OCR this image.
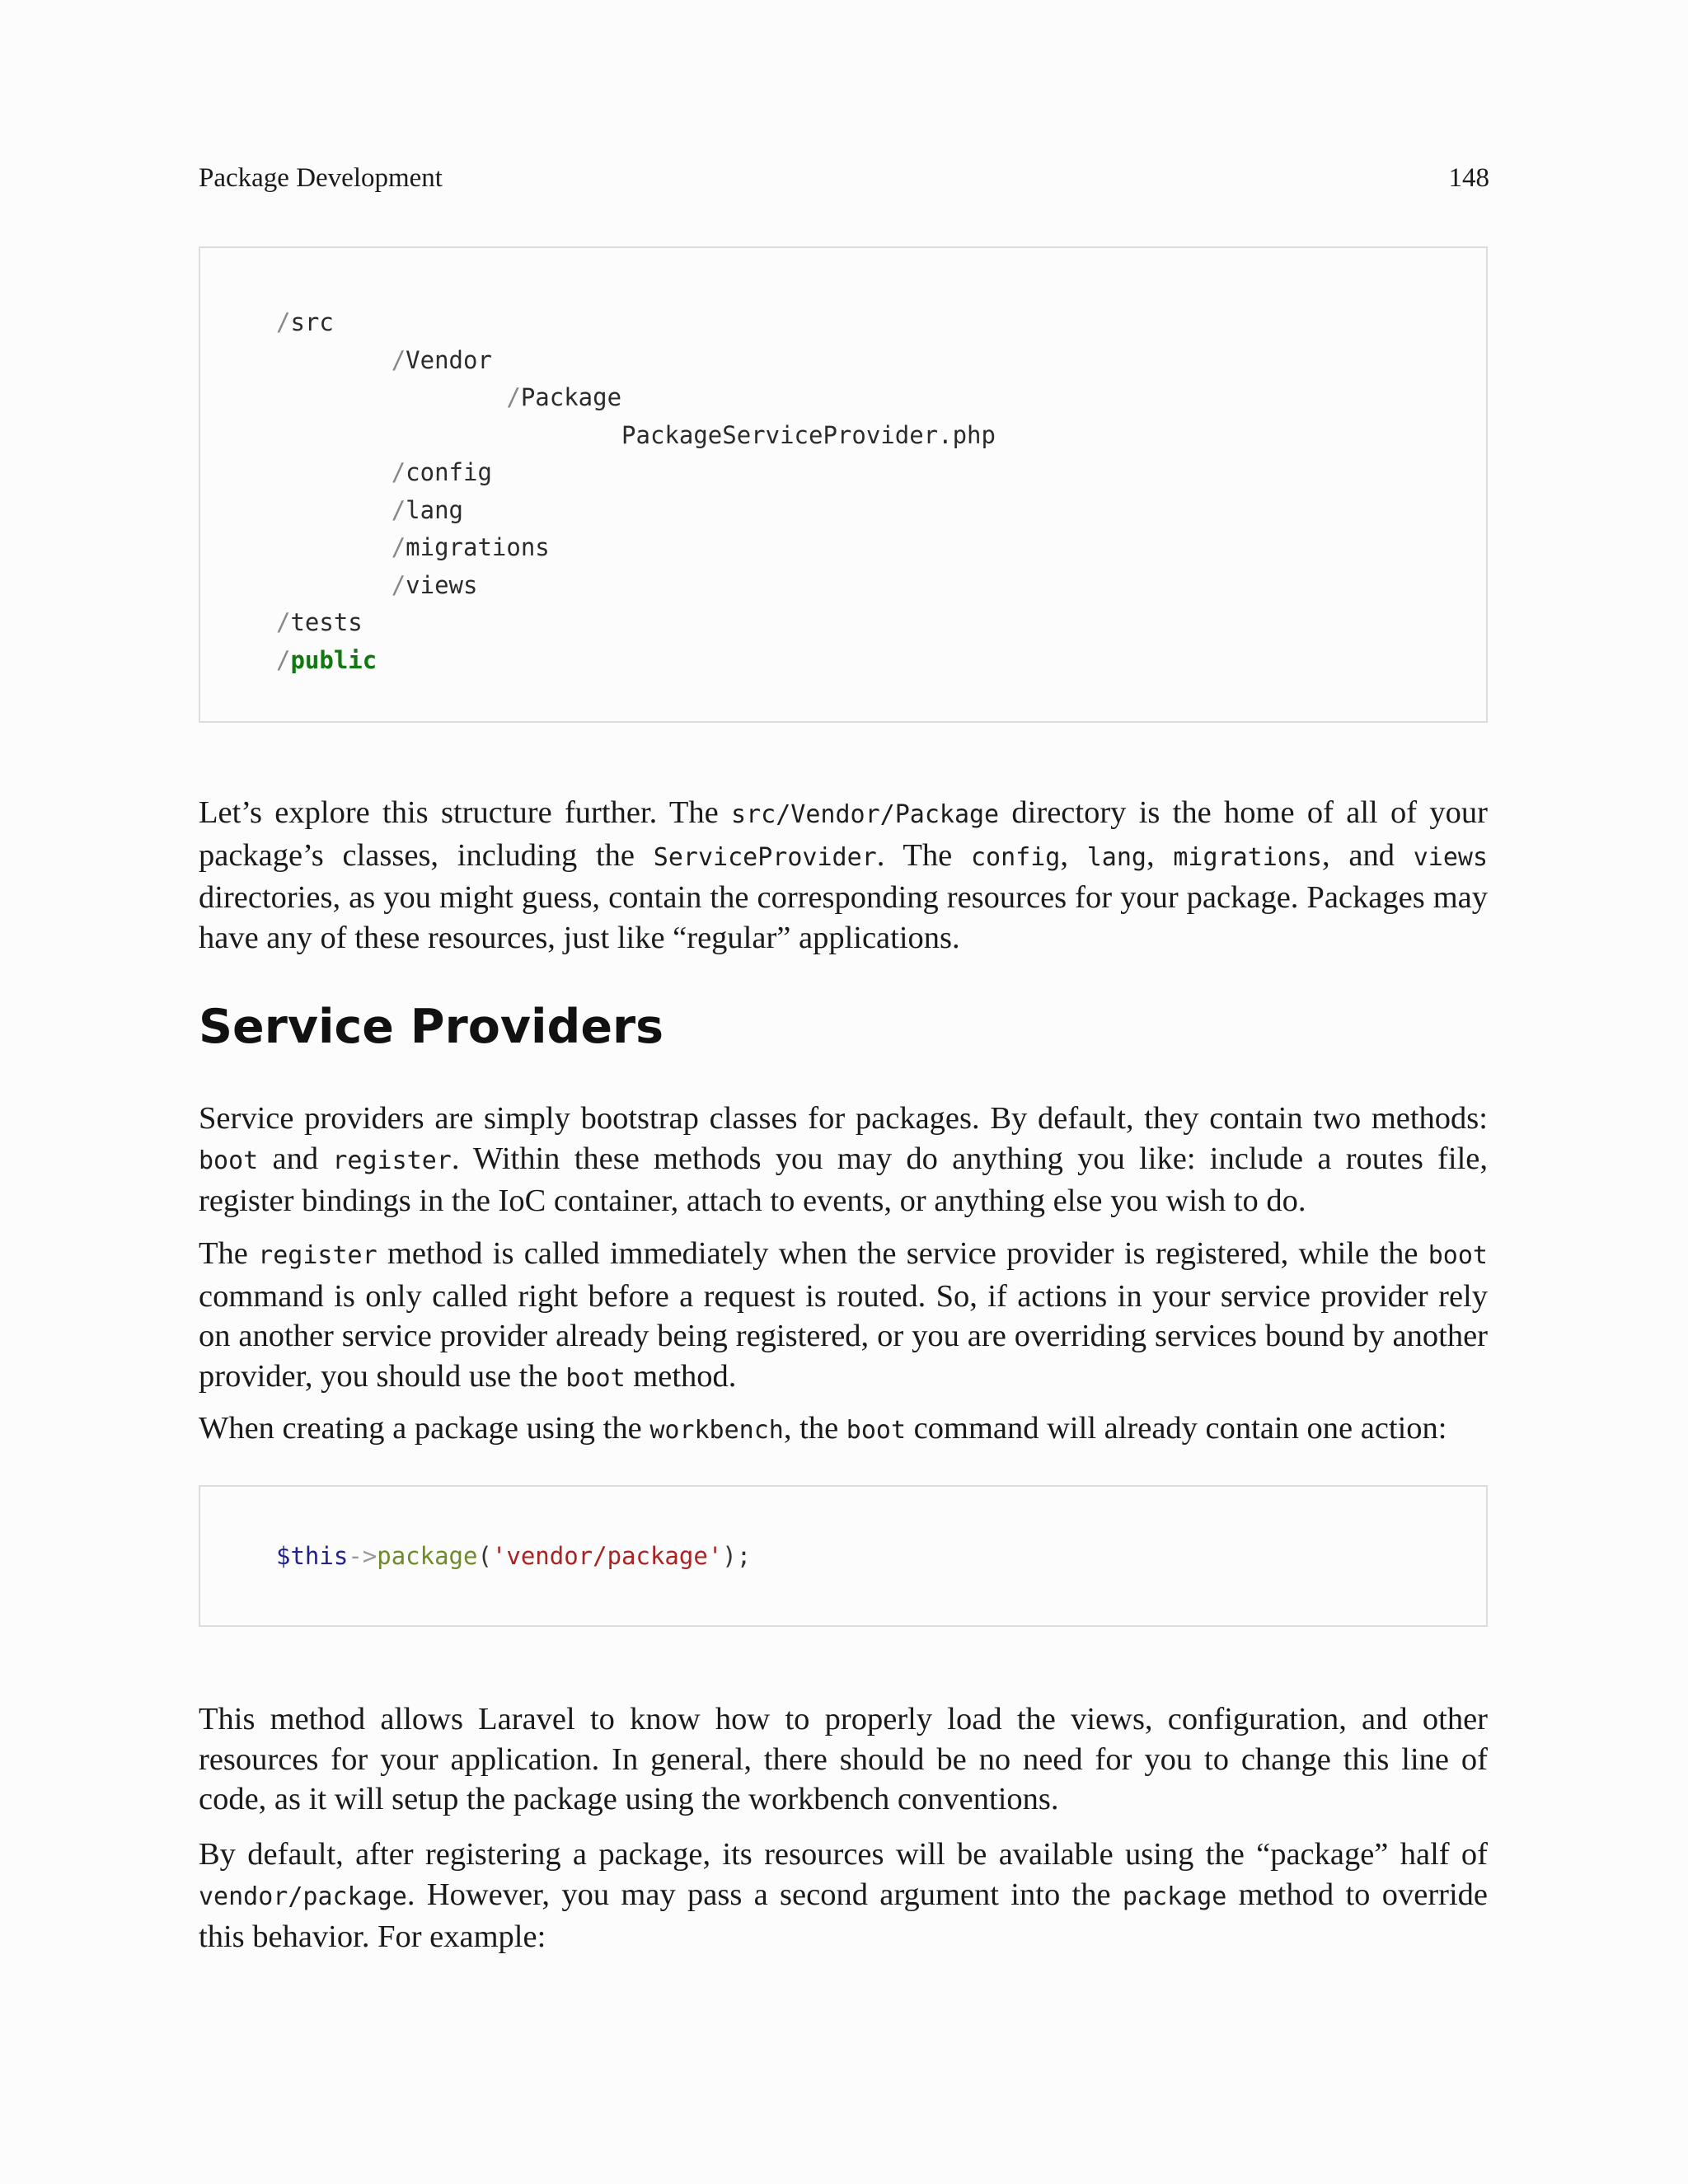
Package Development	148
/src
/Vendor
/Package
PackageServiceProvider.php
/config
/lang
/migrations
/views
/tests
/public

Let’s explore this structure further. The src/Vendor/Package directory is the home of all of your package’s classes, including the ServiceProvider. The config, lang, migrations, and views directories, as you might guess, contain the corresponding resources for your package. Packages may have any of these resources, just like “regular” applications.

Service Providers

Service providers are simply bootstrap classes for packages. By default, they contain two methods: boot and register. Within these methods you may do anything you like: include a routes file, register bindings in the IoC container, attach to events, or anything else you wish to do.

The register method is called immediately when the service provider is registered, while the boot command is only called right before a request is routed. So, if actions in your service provider rely on another service provider already being registered, or you are overriding services bound by another provider, you should use the boot method.

When creating a package using the workbench, the boot command will already contain one action:

$this->package('vendor/package');

This method allows Laravel to know how to properly load the views, configuration, and other resources for your application. In general, there should be no need for you to change this line of code, as it will setup the package using the workbench conventions.

By default, after registering a package, its resources will be available using the “package” half of vendor/package. However, you may pass a second argument into the package method to override this behavior. For example:
